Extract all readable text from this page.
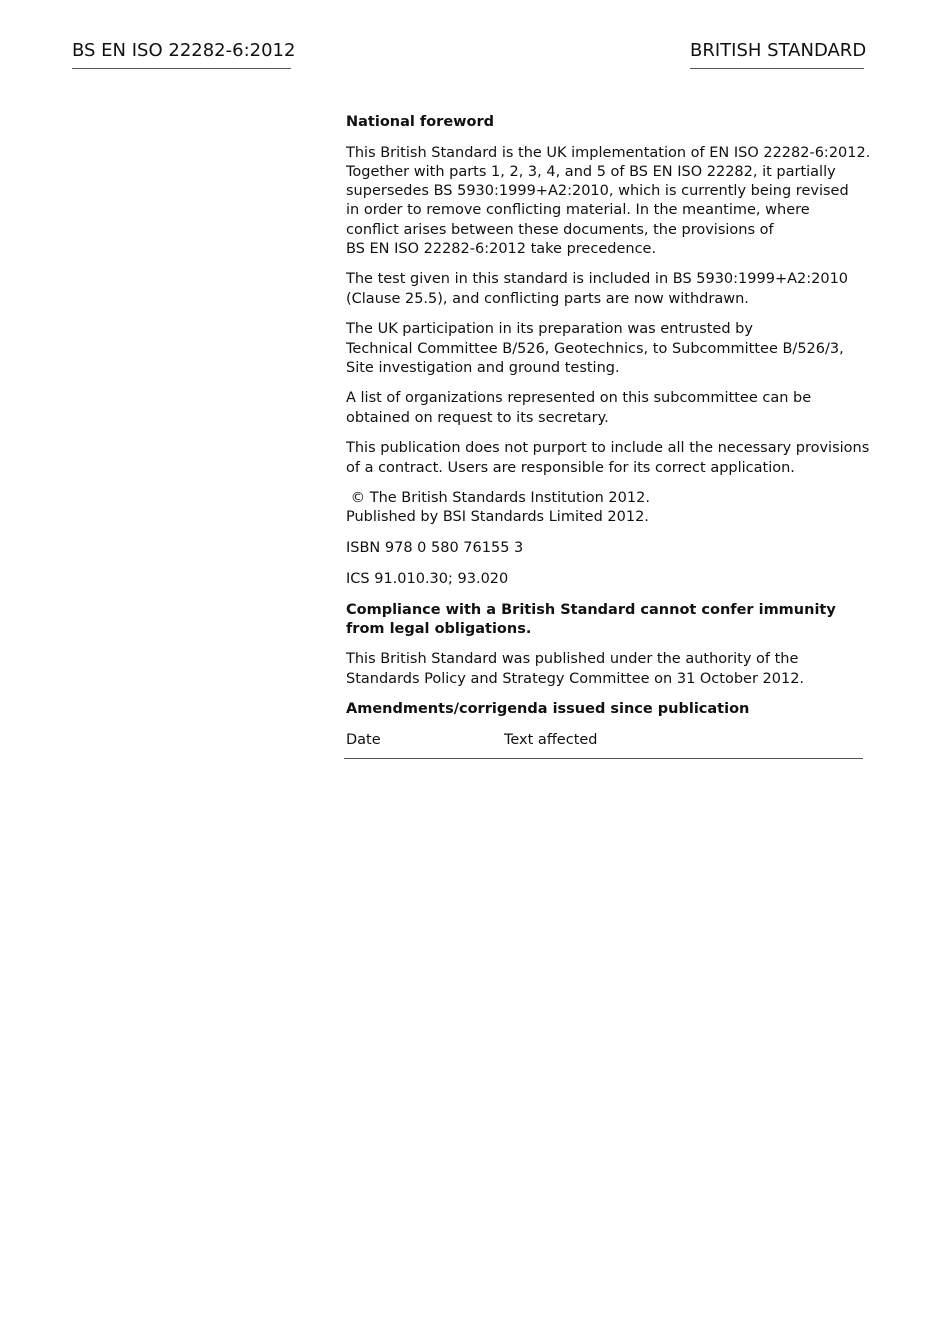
BS EN ISO 22282-6:2012	BRITISH STANDARD

National foreword

This British Standard is the UK implementation of EN ISO 22282-6:2012.
Together with parts 1, 2, 3, 4, and 5 of BS EN ISO 22282, it partially
supersedes BS 5930:1999+A2:2010, which is currently being revised
in order to remove conflicting material. In the meantime, where
conflict arises between these documents, the provisions of
BS EN ISO 22282-6:2012 take precedence.

The test given in this standard is included in BS 5930:1999+A2:2010
(Clause 25.5), and conflicting parts are now withdrawn.

The UK participation in its preparation was entrusted by
Technical Committee B/526, Geotechnics, to Subcommittee B/526/3,
Site investigation and ground testing.

A list of organizations represented on this subcommittee can be
obtained on request to its secretary.

This publication does not purport to include all the necessary provisions
of a contract. Users are responsible for its correct application.

© The British Standards Institution 2012.
Published by BSI Standards Limited 2012.

ISBN 978 0 580 76155 3

ICS 91.010.30; 93.020

Compliance with a British Standard cannot confer immunity
from legal obligations.

This British Standard was published under the authority of the
Standards Policy and Strategy Committee on 31 October 2012.

Amendments/corrigenda issued since publication

Date	Text affected
